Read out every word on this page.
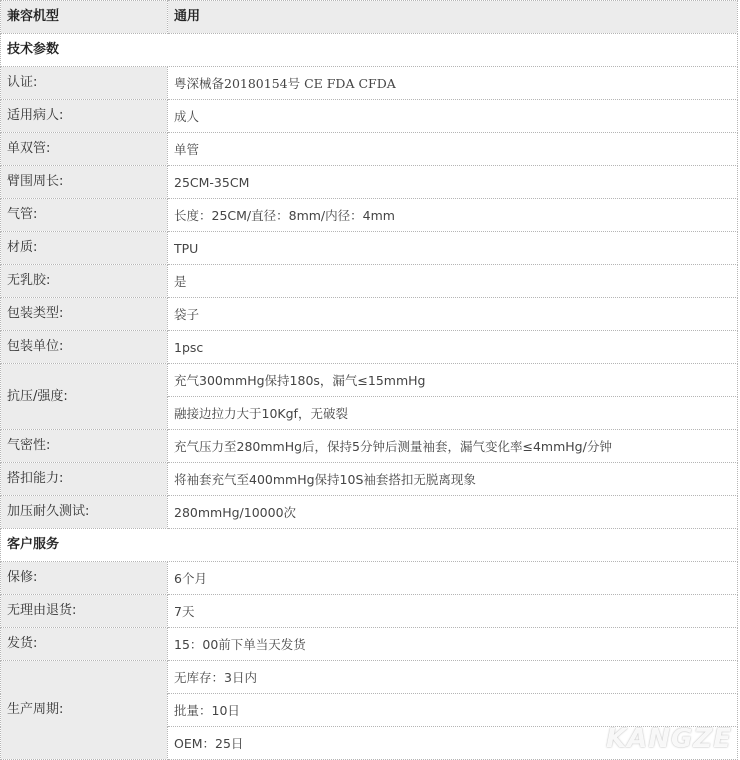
兼容机型	通用
技术参数	
认证:	粤深械备20180154号 CE FDA CFDA
适用病人:	成人
单双管:	单管
臂围周长:	25CM-35CM
气管:	长度：25CM/直径：8mm/内径：4mm
材质:	TPU
无乳胶:	是
包装类型:	袋子
包装单位:	1psc
抗压/强度:	充气300mmHg保持180s，漏气≤15mmHg
	融接边拉力大于10Kgf，无破裂
气密性:	充气压力至280mmHg后，保持5分钟后测量袖套，漏气变化率≤4mmHg/分钟
搭扣能力:	将袖套充气至400mmHg保持10S袖套搭扣无脱离现象
加压耐久测试:	280mmHg/10000次
客户服务	
保修:	6个月
无理由退货:	7天
发货:	15：00前下单当天发货
生产周期:	无库存：3日内
	批量：10日
	OEM：25日	KANGZE
